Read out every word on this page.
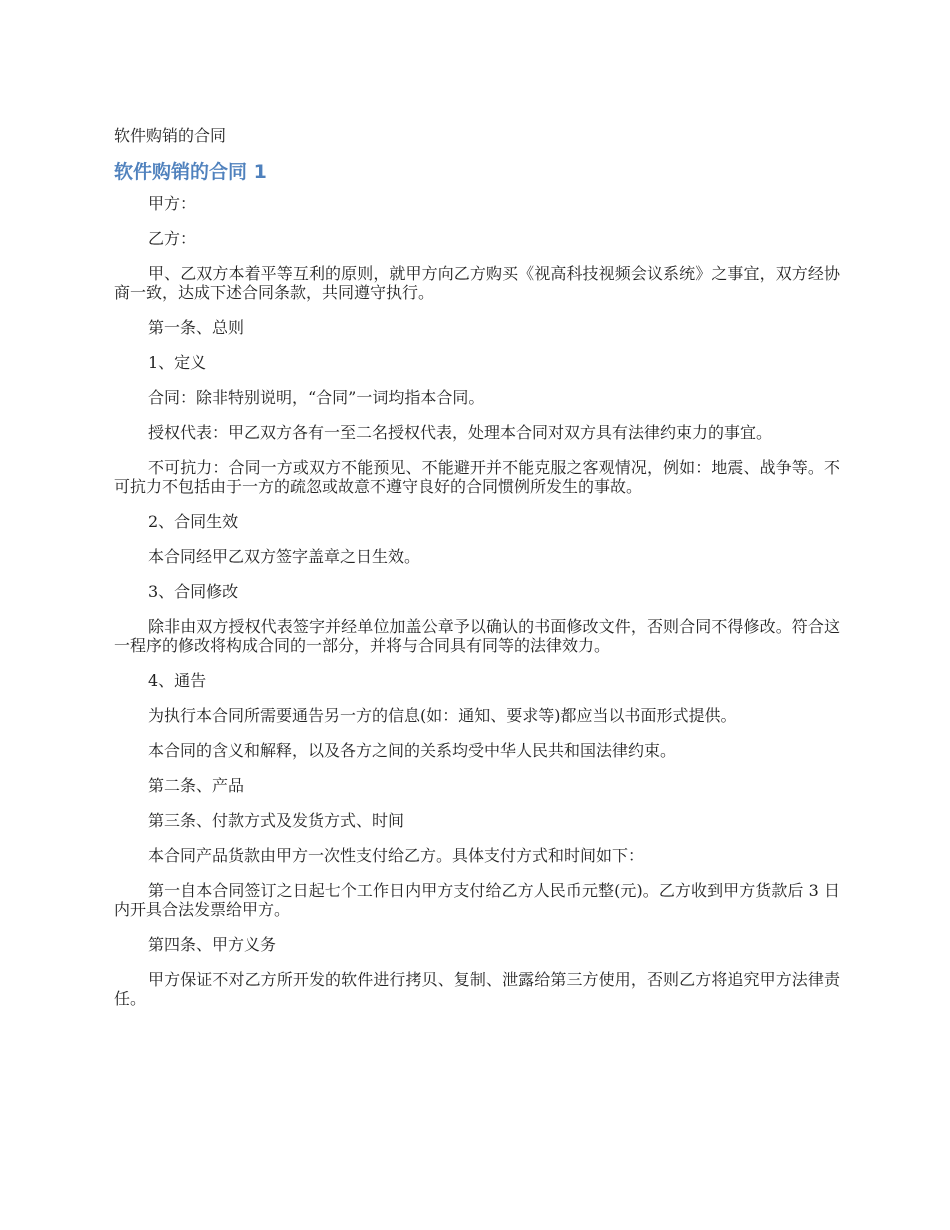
软件购销的合同
软件购销的合同 1

甲方：

乙方：

甲、乙双方本着平等互利的原则，就甲方向乙方购买《视高科技视频会议系统》之事宜，双方经协商一致，达成下述合同条款，共同遵守执行。

第一条、总则

1、定义

合同：除非特别说明，“合同”一词均指本合同。

授权代表：甲乙双方各有一至二名授权代表，处理本合同对双方具有法律约束力的事宜。

不可抗力：合同一方或双方不能预见、不能避开并不能克服之客观情况，例如：地震、战争等。不可抗力不包括由于一方的疏忽或故意不遵守良好的合同惯例所发生的事故。

2、合同生效

本合同经甲乙双方签字盖章之日生效。

3、合同修改

除非由双方授权代表签字并经单位加盖公章予以确认的书面修改文件，否则合同不得修改。符合这一程序的修改将构成合同的一部分，并将与合同具有同等的法律效力。

4、通告

为执行本合同所需要通告另一方的信息(如：通知、要求等)都应当以书面形式提供。

本合同的含义和解释，以及各方之间的关系均受中华人民共和国法律约束。

第二条、产品

第三条、付款方式及发货方式、时间

本合同产品货款由甲方一次性支付给乙方。具体支付方式和时间如下：

第一自本合同签订之日起七个工作日内甲方支付给乙方人民币元整(元)。乙方收到甲方货款后 3 日内开具合法发票给甲方。

第四条、甲方义务

甲方保证不对乙方所开发的软件进行拷贝、复制、泄露给第三方使用，否则乙方将追究甲方法律责任。
